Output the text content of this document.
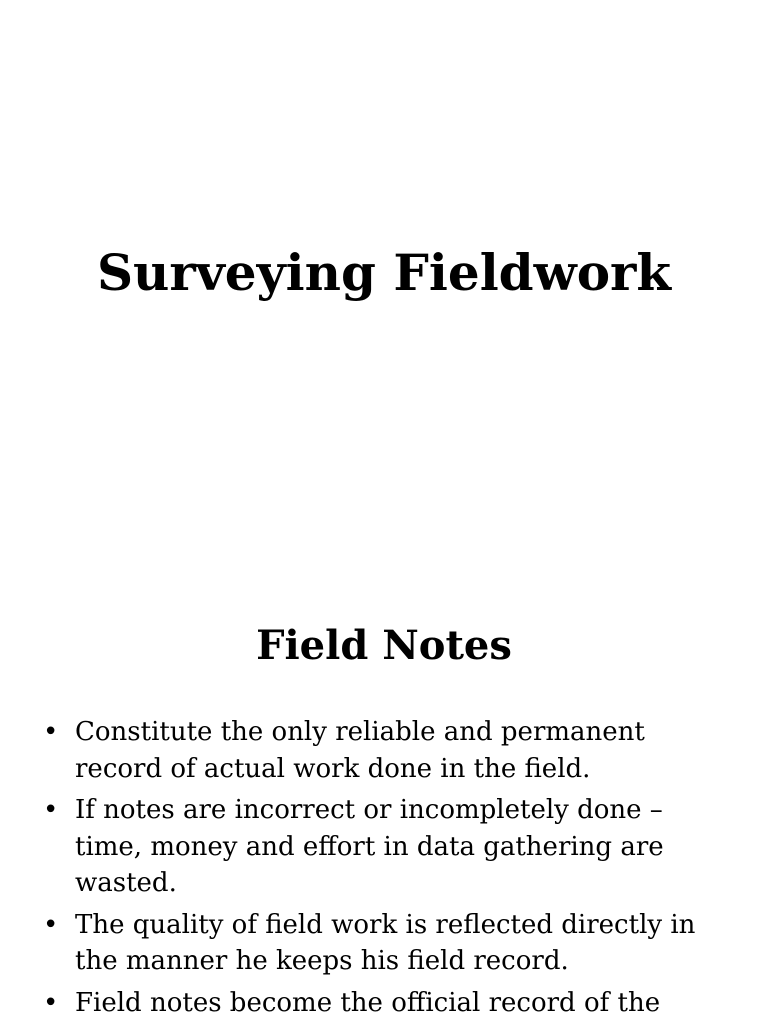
Surveying Fieldwork
Field Notes
• Constitute the only reliable and permanent record of actual work done in the field.
• If notes are incorrect or incompletely done – time, money and effort in data gathering are wasted.
• The quality of field work is reflected directly in the manner he keeps his field record.
• Field notes become the official record of the
